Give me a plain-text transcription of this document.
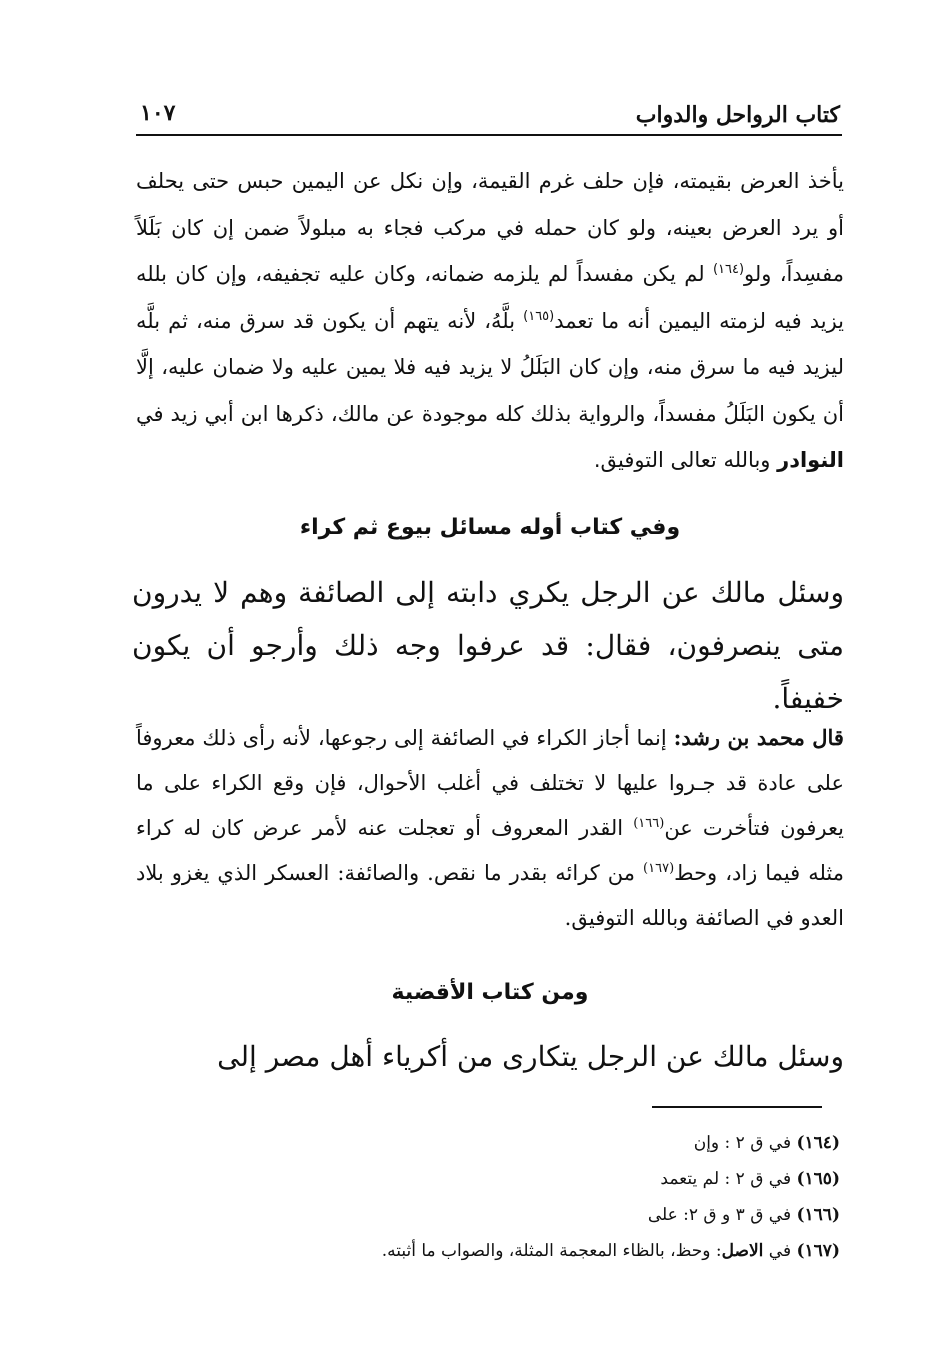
كتاب الرواحل والدواب
١٠٧
يأخذ العرض بقيمته، فإن حلف غرم القيمة، وإن نكل عن اليمين حبس حتى يحلف أو يرد العرض بعينه، ولو كان حمله في مركب فجاء به مبلولاً ضمن إن كان بَلَلاً مفسِداً، ولو$^{(١٦٤)}$ لم يكن مفسداً لم يلزمه ضمانه، وكان عليه تجفيفه، وإن كان بلله يزيد فيه لزمته اليمين أنه ما تعمد$^{(١٦٥)}$ بلَّهُ، لأنه يتهم أن يكون قد سرق منه، ثم بلَّه ليزيد فيه ما سرق منه، وإن كان البَلَلُ لا يزيد فيه فلا يمين عليه ولا ضمان عليه، إلَّا أن يكون البَلَلُ مفسداً، والرواية بذلك كله موجودة عن مالك، ذكرها ابن أبي زيد في النوادر وبالله تعالى التوفيق.
وفي كتاب أوله مسائل بيوع ثم كراء
وسئل مالك عن الرجل يكري دابته إلى الصائفة وهم لا يدرون متى ينصرفون، فقال: قد عرفوا وجه ذلك وأرجو أن يكون خفيفاً.
قال محمد بن رشد: إنما أجاز الكراء في الصائفة إلى رجوعها، لأنه رأى ذلك معروفاً على عادة قد جـروا عليها لا تختلف في أغلب الأحوال، فإن وقع الكراء على ما يعرفون فتأخرت عن$^{(١٦٦)}$ القدر المعروف أو تعجلت عنه لأمر عرض كان له كراء مثله فيما زاد، وحط$^{(١٦٧)}$ من كرائه بقدر ما نقص. والصائفة: العسكر الذي يغزو بلاد العدو في الصائفة وبالله التوفيق.
ومن كتاب الأقضية
وسئل مالك عن الرجل يتكارى من أكرياء أهل مصر إلى
(١٦٤) في ق ٢ : وإن
(١٦٥) في ق ٢ : لم يتعمد
(١٦٦) في ق ٣ و ق ٢: على
(١٦٧) في الاصل: وحظ، بالظاء المعجمة المثلة، والصواب ما أثبته.
